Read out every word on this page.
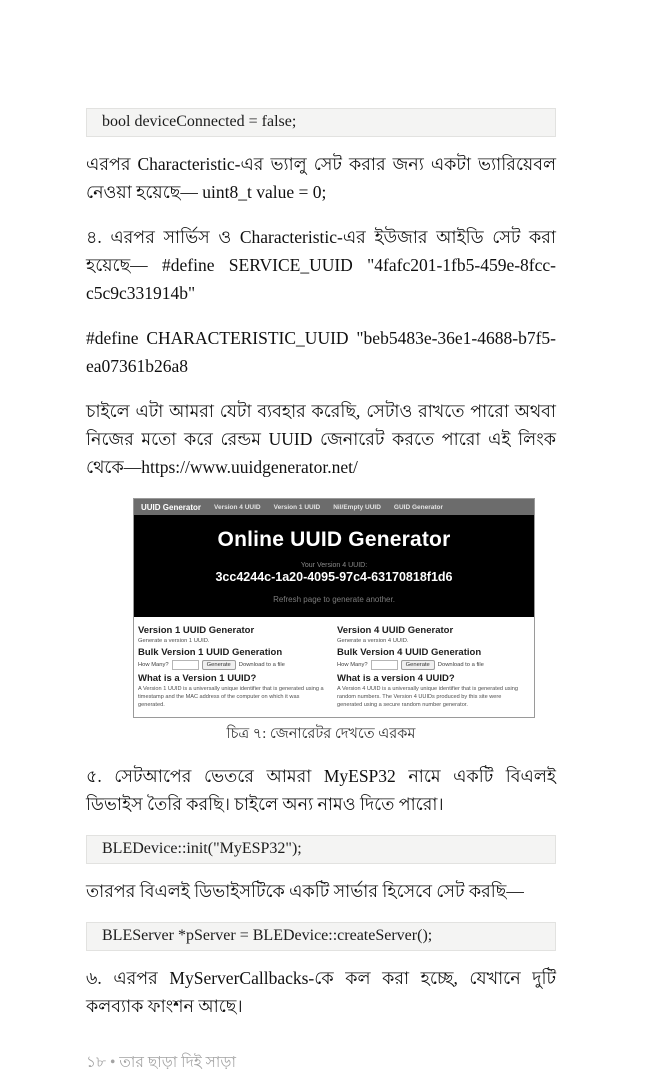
bool deviceConnected = false;

এরপর Characteristic-এর ভ্যালু সেট করার জন্য একটা ভ্যারিয়েবল নেওয়া হয়েছে— uint8_t value = 0;

৪. এরপর সার্ভিস ও Characteristic-এর ইউজার আইডি সেট করা হয়েছে— #define SERVICE_UUID "4fafc201-1fb5-459e-8fcc-c5c9c331914b"

#define CHARACTERISTIC_UUID "beb5483e-36e1-4688-b7f5-ea07361b26a8

চাইলে এটা আমরা যেটা ব্যবহার করেছি, সেটাও রাখতে পারো অথবা নিজের মতো করে রেন্ডম UUID জেনারেট করতে পারো এই লিংক থেকে—https://www.uuidgenerator.net/

UUID Generator Version 4 UUID Version 1 UUID Nil/Empty UUID GUID Generator
Online UUID Generator
Your Version 4 UUID:
3cc4244c-1a20-4095-97c4-63170818f1d6
Refresh page to generate another.
Version 1 UUID Generator
Generate a version 1 UUID.
Bulk Version 1 UUID Generation
How Many?	Generate	Download to a file
What is a Version 1 UUID?
A Version 1 UUID is a universally unique identifier that is generated using a timestamp and the MAC address of the computer on which it was generated.
Version 4 UUID Generator
Generate a version 4 UUID.
Bulk Version 4 UUID Generation
How Many?	Generate	Download to a file
What is a version 4 UUID?
A Version 4 UUID is a universally unique identifier that is generated using random numbers. The Version 4 UUIDs produced by this site were generated using a secure random number generator.
চিত্র ৭: জেনারেটর দেখতে এরকম

৫. সেটআপের ভেতরে আমরা MyESP32 নামে একটি বিএলই ডিভাইস তৈরি করছি। চাইলে অন্য নামও দিতে পারো।

BLEDevice::init("MyESP32");

তারপর বিএলই ডিভাইসটিকে একটি সার্ভার হিসেবে সেট করছি—

BLEServer *pServer = BLEDevice::createServer();

৬. এরপর MyServerCallbacks-কে কল করা হচ্ছে, যেখানে দুটি কলব্যাক ফাংশন আছে।

১৮ • তার ছাড়া দিই সাড়া
